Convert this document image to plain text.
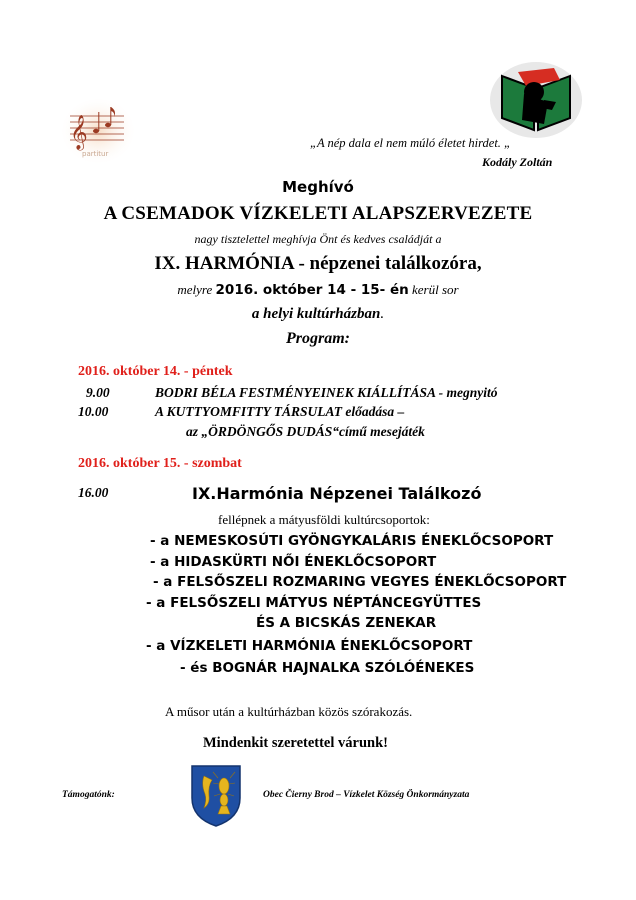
𝄞
partitur
„A nép dala el nem múló életet hirdet. „
Kodály Zoltán
Meghívó
A CSEMADOK VÍZKELETI ALAPSZERVEZETE
nagy tisztelettel meghívja Önt és kedves családját a
IX. HARMÓNIA - népzenei találkozóra,
melyre 2016. október 14 - 15- én kerül sor
a helyi kultúrházban.
Program:
2016. október 14. - péntek
9.00	BODRI BÉLA FESTMÉNYEINEK KIÁLLÍTÁSA - megnyitó
10.00	A KUTTYOMFITTY TÁRSULAT előadása –
az „ÖRDÖNGŐS DUDÁS“című mesejáték
2016. október 15. - szombat
16.00	IX.Harmónia Népzenei Találkozó
fellépnek a mátyusföldi kultúrcsoportok:
- a NEMESKOSÚTI GYÖNGYKALÁRIS ÉNEKLŐCSOPORT
- a HIDASKÜRTI NŐI ÉNEKLŐCSOPORT
- a FELSŐSZELI ROZMARING VEGYES ÉNEKLŐCSOPORT
- a FELSŐSZELI MÁTYUS NÉPTÁNCEGYÜTTES
ÉS A BICSKÁS ZENEKAR
- a VÍZKELETI HARMÓNIA ÉNEKLŐCSOPORT
- és BOGNÁR HAJNALKA SZÓLÓÉNEKES
A műsor után a kultúrházban közös szórakozás.
Mindenkit szeretettel várunk!
Támogatónk:	Obec Čierny Brod – Vízkelet Község Önkormányzata
